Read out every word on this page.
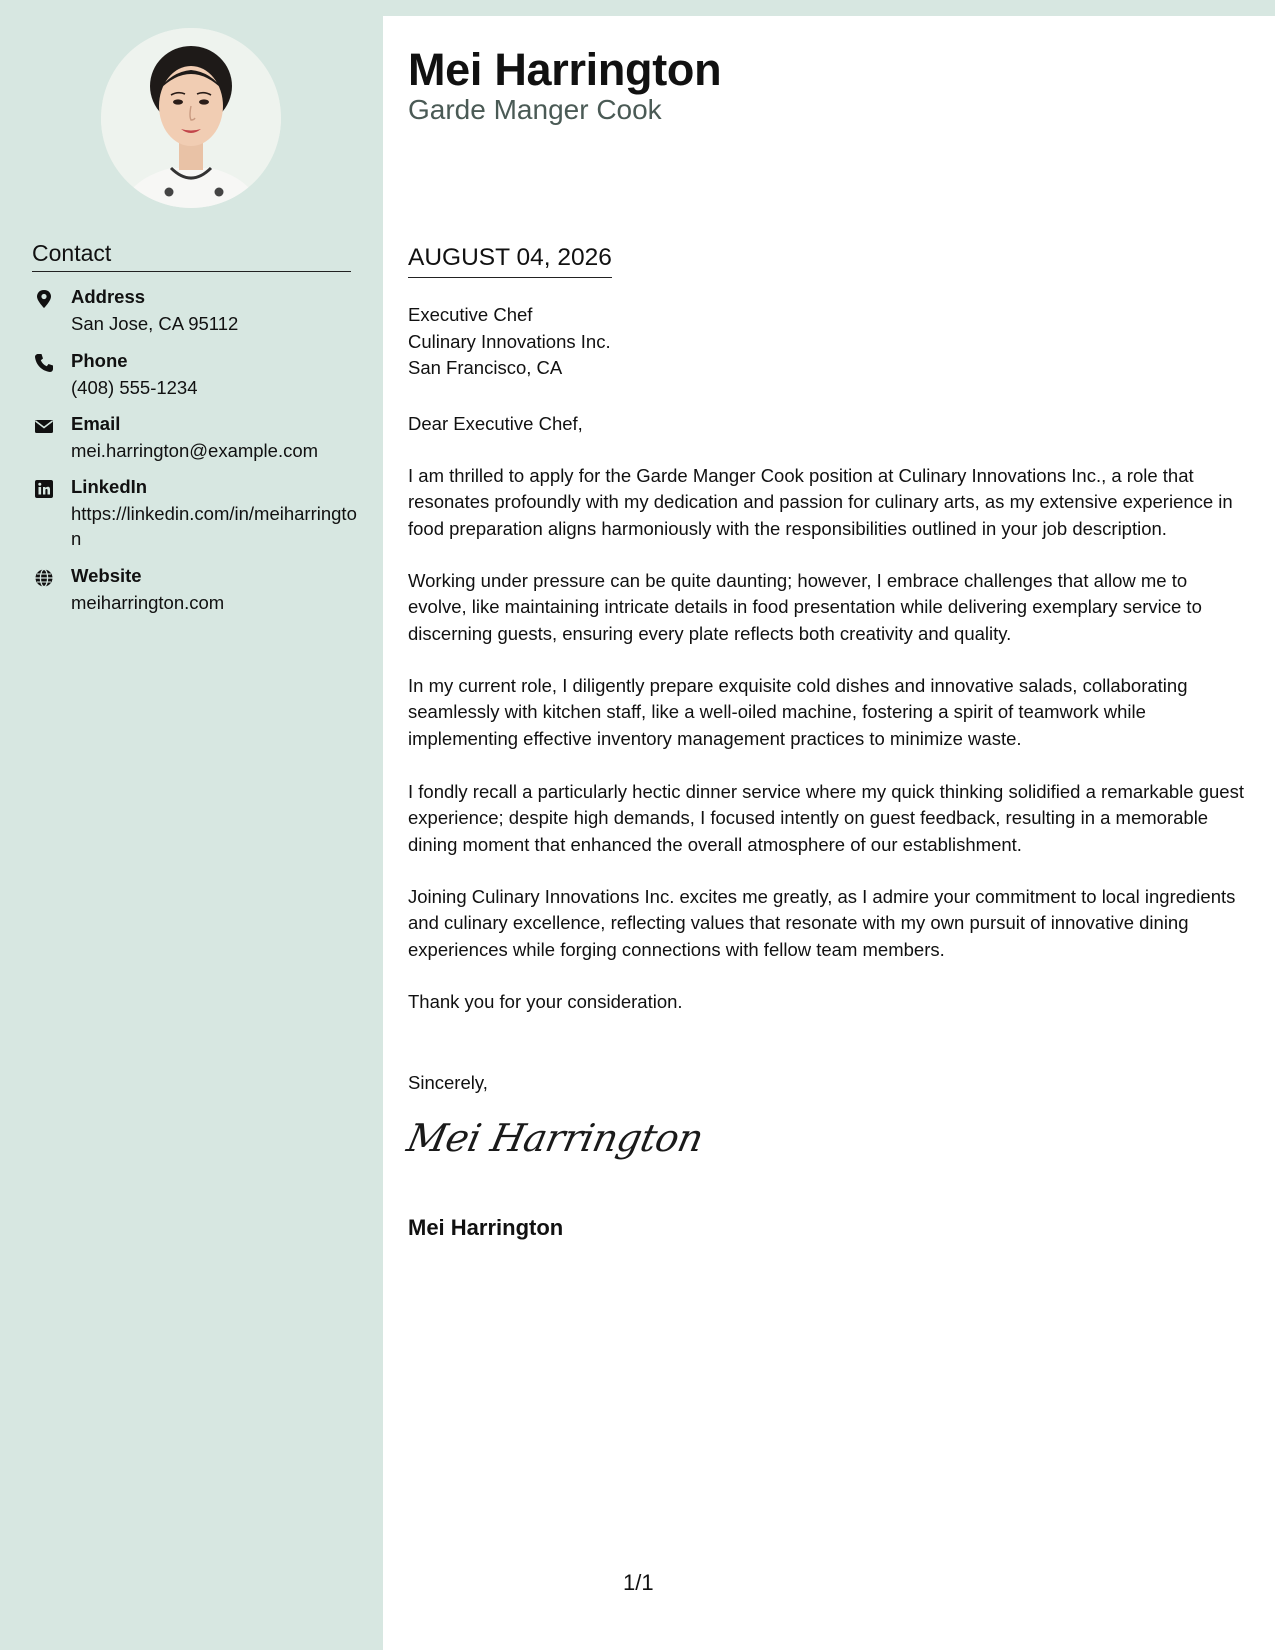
Contact
Address
San Jose, CA 95112
Phone
(408) 555-1234
Email
mei.harrington@example.com
LinkedIn
https://linkedin.com/in/meiharrington
Website
meiharrington.com
Mei Harrington
Garde Manger Cook
AUGUST 04, 2026
Executive Chef
Culinary Innovations Inc.
San Francisco, CA
Dear Executive Chef,
I am thrilled to apply for the Garde Manger Cook position at Culinary Innovations Inc., a role that resonates profoundly with my dedication and passion for culinary arts, as my extensive experience in food preparation aligns harmoniously with the responsibilities outlined in your job description.
Working under pressure can be quite daunting; however, I embrace challenges that allow me to evolve, like maintaining intricate details in food presentation while delivering exemplary service to discerning guests, ensuring every plate reflects both creativity and quality.
In my current role, I diligently prepare exquisite cold dishes and innovative salads, collaborating seamlessly with kitchen staff, like a well-oiled machine, fostering a spirit of teamwork while implementing effective inventory management practices to minimize waste.
I fondly recall a particularly hectic dinner service where my quick thinking solidified a remarkable guest experience; despite high demands, I focused intently on guest feedback, resulting in a memorable dining moment that enhanced the overall atmosphere of our establishment.
Joining Culinary Innovations Inc. excites me greatly, as I admire your commitment to local ingredients and culinary excellence, reflecting values that resonate with my own pursuit of innovative dining experiences while forging connections with fellow team members.
Thank you for your consideration.
Sincerely,
Mei Harrington
Mei Harrington
1/1
